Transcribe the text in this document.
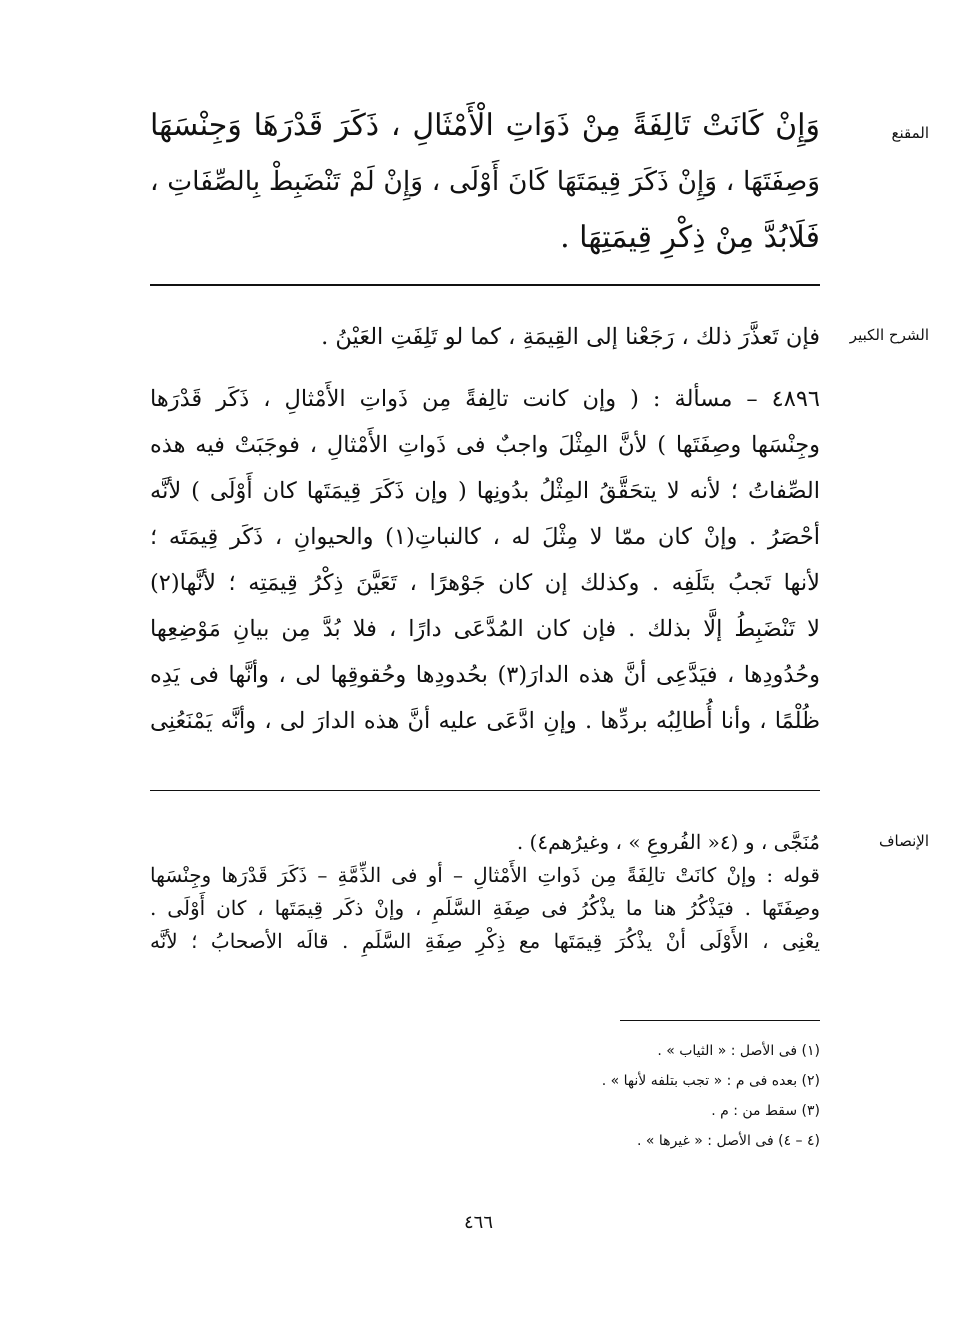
المقنع
وَإِنْ كَانَتْ تَالِفَةً مِنْ ذَوَاتِ الْأَمْثَالِ ، ذَكَرَ قَدْرَهَا وَجِنْسَهَا
وَصِفَتَهَا ، وَإِنْ ذَكَرَ قِيمَتَهَا كَانَ أَوْلَى ، وَإِنْ لَمْ تَنْضَبِطْ بِالصِّفَاتِ ،
فَلَابُدَّ مِنْ ذِكْرِ قِيمَتِهَا .
الشرح الكبير
فإن تَعذَّرَ ذلك ، رَجَعْنا إلى القِيمَةِ ، كما لو تَلِفَتِ العَيْنُ .
٤٨٩٦ – مسألة : ( وإن كانت تالِفةً مِن ذَواتِ الأَمْثالِ ، ذَكَر قَدْرَها
وجِنْسَها وصِفَتَها ) لأنَّ المِثْلَ واجبٌ فى ذَواتِ الأَمْثالِ ، فوجَبَتْ فيه هذه
الصِّفاتُ ؛ لأنه لا يتحَقَّقُ المِثْلُ بدُونِها ( وإن ذَكَرَ قِيمَتَها كان أَوْلَى ) لأنَّه
أحْصَرُ . وإنْ كان ممّا لا مِثْلَ له ، كالنباتِ(١) والحيوانِ ، ذَكَر قِيمَتَه ؛
لأنها تَجبُ بتَلَفِه . وكذلك إن كان جَوْهرًا ، تَعَيَّنَ ذِكْرُ قِيمَتِه ؛ لأنَّها(٢)
لا تَنْضَبِطُ إلَّا بذلك . فإن كان المُدَّعَى دارًا ، فلا بُدَّ مِن بيانِ مَوْضِعِها
وحُدُودِها ، فيَدَّعِى أنَّ هذه الدارَ(٣) بحُدودِها وحُقوقِها لى ، وأنَّها فى يَدِه
ظُلْمًا ، وأنا أُطالِبُه بردِّها . وإنِ ادَّعَى عليه أنَّ هذه الدارَ لى ، وأنَّه يَمْنَعُنِى
الإنصاف
مُنَجَّى ، و (٤« الفُروعِ » ، وغيرُهم٤) .
قوله : وإنْ كانَتْ تالِفَةً مِن ذَواتِ الأَمْثالِ – أو فى الذِّمَّةِ – ذَكَرَ قَدْرَها وجِنْسَها
وصِفَتَها . فيَذْكُرُ هنا ما يذْكُرُ فى صِفَةِ السَّلَمِ ، وإنْ ذكَر قِيمَتَها ، كان أَوْلَى .
يعْنِى ، الأَوْلَى أنْ يذْكُرَ قِيمَتَها مع ذِكْرِ صِفَةِ السَّلَمِ . قالَه الأصحابُ ؛ لأنَّه
(١) فى الأصل : « الثياب » .
(٢) بعده فى م : « تجب بتلفه لأنها » .
(٣) سقط من : م .
(٤ – ٤) فى الأصل : « غيرها » .
٤٦٦
